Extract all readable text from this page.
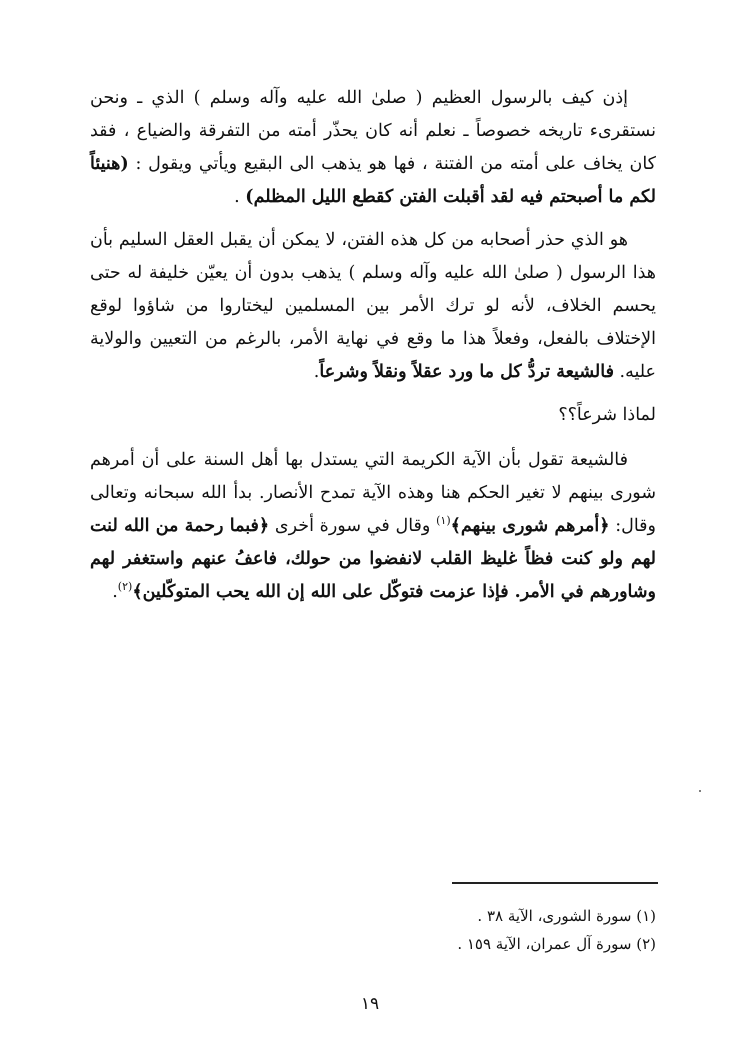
إذن كيف بالرسول العظيم ( صلىٰ الله عليه وآله وسلم ) الذي ـ ونحن نستقرىء تاريخه خصوصاً ـ نعلم أنه كان يحذّر أمته من التفرقة والضياع ، فقد كان يخاف على أمته من الفتنة ، فها هو يذهب الى البقيع ويأتي ويقول : (هنيئاً لكم ما أصبحتم فيه لقد أقبلت الفتن كقطع الليل المظلم) .

هو الذي حذر أصحابه من كل هذه الفتن، لا يمكن أن يقبل العقل السليم بأن هذا الرسول ( صلىٰ الله عليه وآله وسلم ) يذهب بدون أن يعيّن خليفة له حتى يحسم الخلاف، لأنه لو ترك الأمر بين المسلمين ليختاروا من شاؤوا لوقع الإختلاف بالفعل، وفعلاً هذا ما وقع في نهاية الأمر، بالرغم من التعيين والولاية عليه. فالشيعة تردُّ كل ما ورد عقلاً ونقلاً وشرعاً.

لماذا شرعاً؟؟

فالشيعة تقول بأن الآية الكريمة التي يستدل بها أهل السنة على أن أمرهم شورى بينهم لا تغير الحكم هنا وهذه الآية تمدح الأنصار. بدأ الله سبحانه وتعالى وقال: ﴿أمرهم شورى بينهم﴾$^{(١)}$ وقال في سورة أخرى ﴿فبما رحمة من الله لنت لهم ولو كنت فظاً غليظ القلب لانفضوا من حولك، فاعفُ عنهم واستغفر لهم وشاورهم في الأمر. فإذا عزمت فتوكّل على الله إن الله يحب المتوكّلين﴾$^{(٢)}$.

(١) سورة الشورى، الآية ٣٨ .

(٢) سورة آل عمران، الآية ١٥٩ .

١٩
